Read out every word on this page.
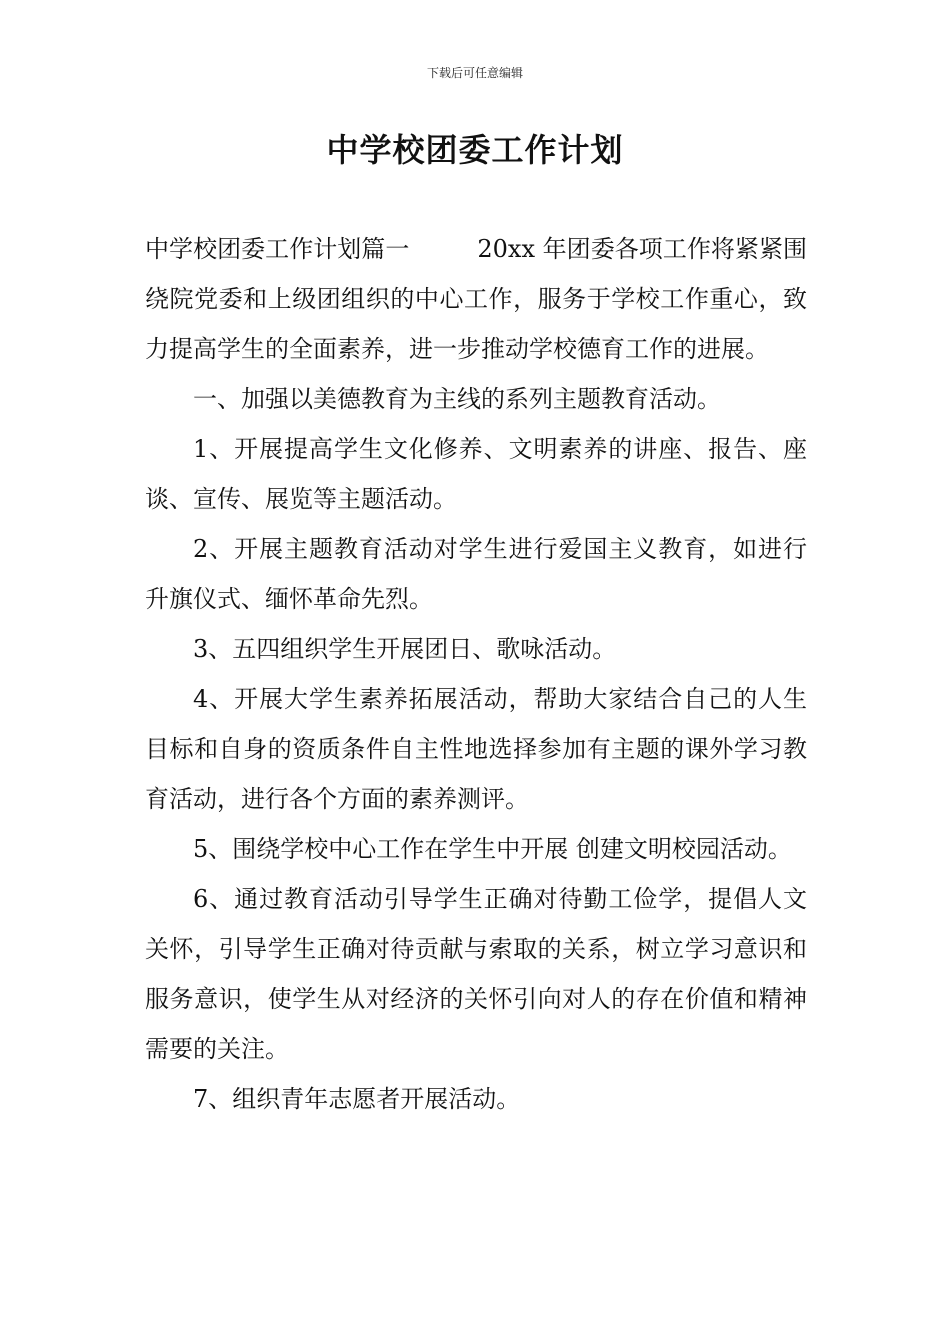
下载后可任意编辑
中学校团委工作计划

中学校团委工作计划篇一	20xx 年团委各项工作将紧紧围绕院党委和上级团组织的中心工作，服务于学校工作重心，致力提高学生的全面素养，进一步推动学校德育工作的进展。

一、加强以美德教育为主线的系列主题教育活动。

1、开展提高学生文化修养、文明素养的讲座、报告、座谈、宣传、展览等主题活动。

2、开展主题教育活动对学生进行爱国主义教育，如进行升旗仪式、缅怀革命先烈。

3、五四组织学生开展团日、歌咏活动。

4、开展大学生素养拓展活动，帮助大家结合自己的人生目标和自身的资质条件自主性地选择参加有主题的课外学习教育活动，进行各个方面的素养测评。

5、围绕学校中心工作在学生中开展 创建文明校园活动。

6、通过教育活动引导学生正确对待勤工俭学，提倡人文关怀，引导学生正确对待贡献与索取的关系，树立学习意识和服务意识，使学生从对经济的关怀引向对人的存在价值和精神需要的关注。

7、组织青年志愿者开展活动。
